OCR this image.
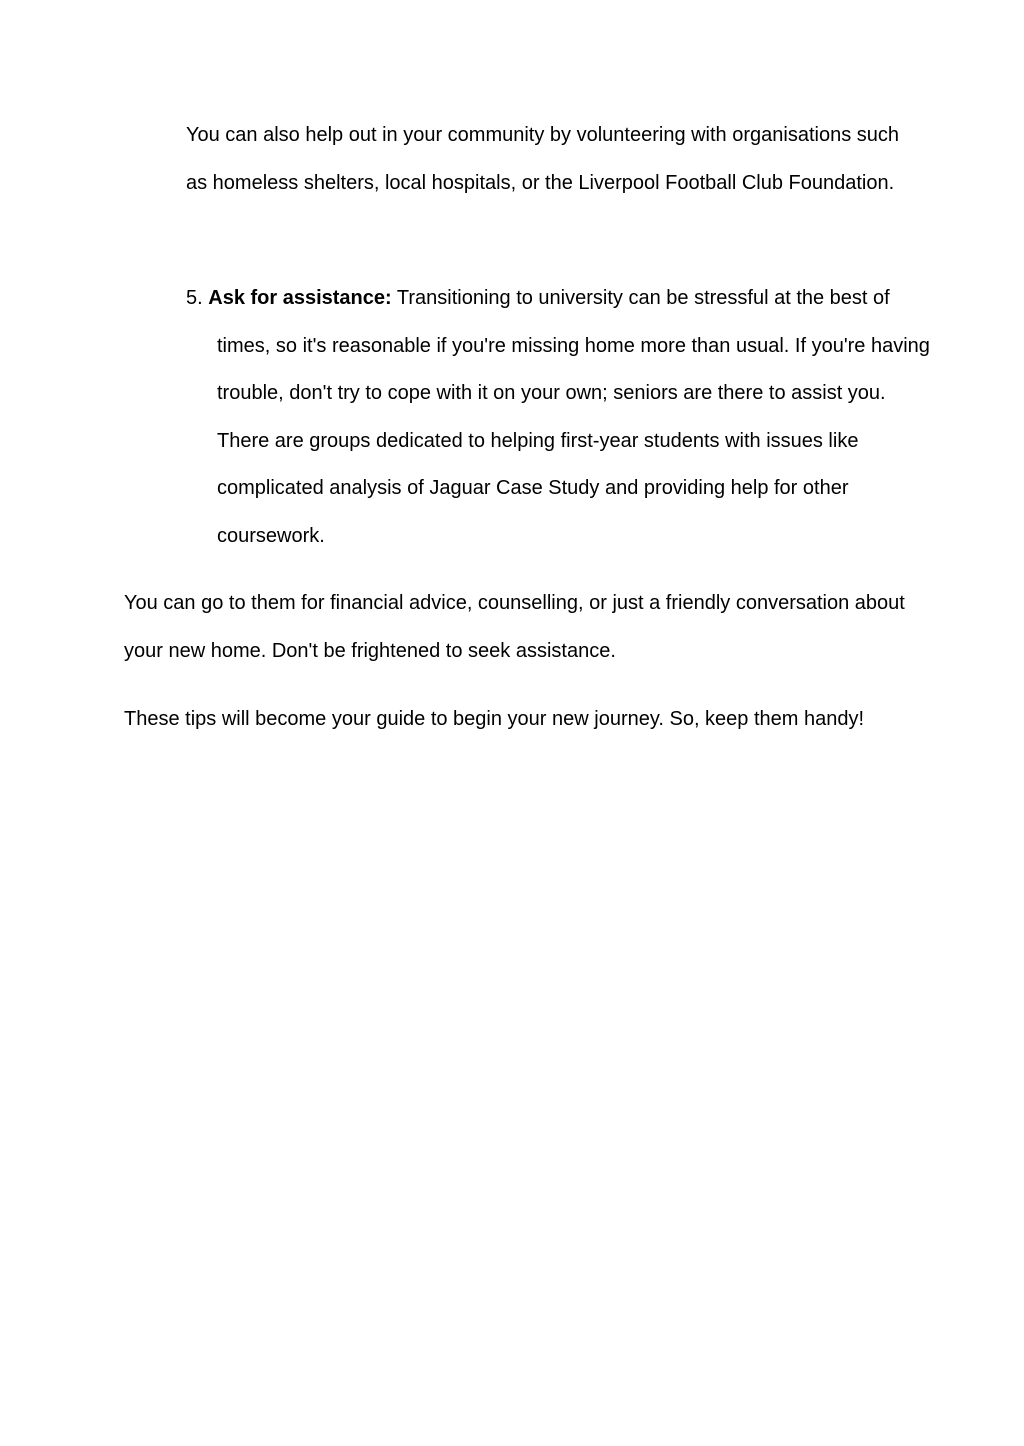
You can also help out in your community by volunteering with organisations such as homeless shelters, local hospitals, or the Liverpool Football Club Foundation.

5. Ask for assistance: Transitioning to university can be stressful at the best of times, so it's reasonable if you're missing home more than usual. If you're having trouble, don't try to cope with it on your own; seniors are there to assist you. There are groups dedicated to helping first-year students with issues like complicated analysis of Jaguar Case Study and providing help for other coursework.

You can go to them for financial advice, counselling, or just a friendly conversation about your new home. Don't be frightened to seek assistance.

These tips will become your guide to begin your new journey. So, keep them handy!
